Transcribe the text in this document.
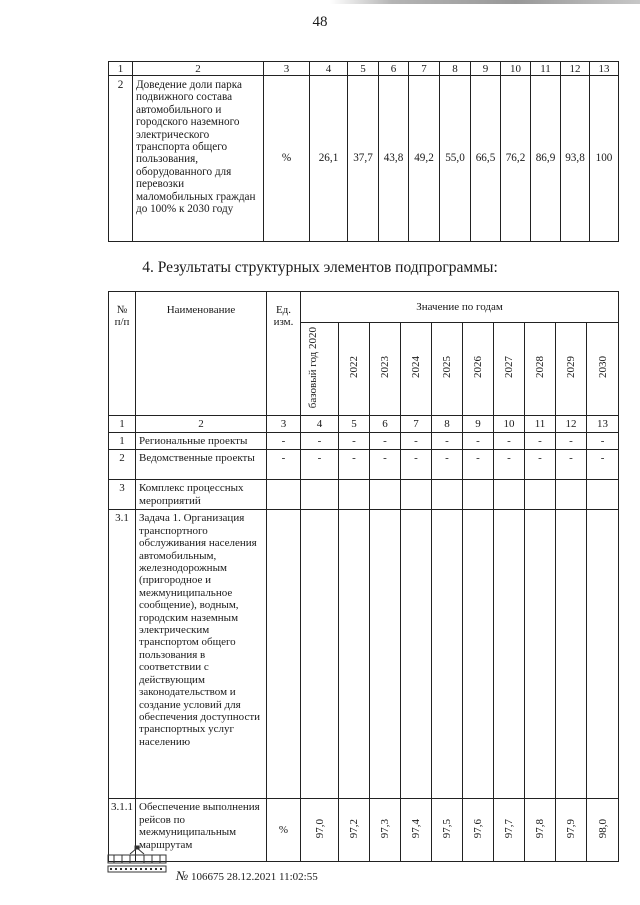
48
1	2	3	4	5	6	7	8	9	10	11	12	13
2	Доведение доли парка подвижного состава автомобильного и городского наземного электрического транспорта общего пользования, оборудованного для перевозки маломобильных граждан до 100% к 2030 году	%	26,1	37,7	43,8	49,2	55,0	66,5	76,2	86,9	93,8	100
4. Результаты структурных элементов подпрограммы:
№ п/п	Наименование	Ед. изм.	Значение по годам									
			базовый год 2020	2022	2023	2024	2025	2026	2027	2028	2029	2030
1	2	3	4	5	6	7	8	9	10	11	12	13
1	Региональные проекты	-	-	-	-	-	-	-	-	-	-	-
2	Ведомственные проекты	-	-	-	-	-	-	-	-	-	-	-
3	Комплекс процессных мероприятий											
3.1	Задача 1. Организация транспортного обслуживания населения автомобильным, железнодорожным (пригородное и межмуниципальное сообщение), водным, городским наземным электрическим транспортом общего пользования в соответствии с действующим законодательством и создание условий для обеспечения доступности транспортных услуг населению											
3.1.1	Обеспечение выполнения рейсов по межмуниципальным маршрутам	%	97,0	97,2	97,3	97,4	97,5	97,6	97,7	97,8	97,9	98,0
№ 106675 28.12.2021 11:02:55
